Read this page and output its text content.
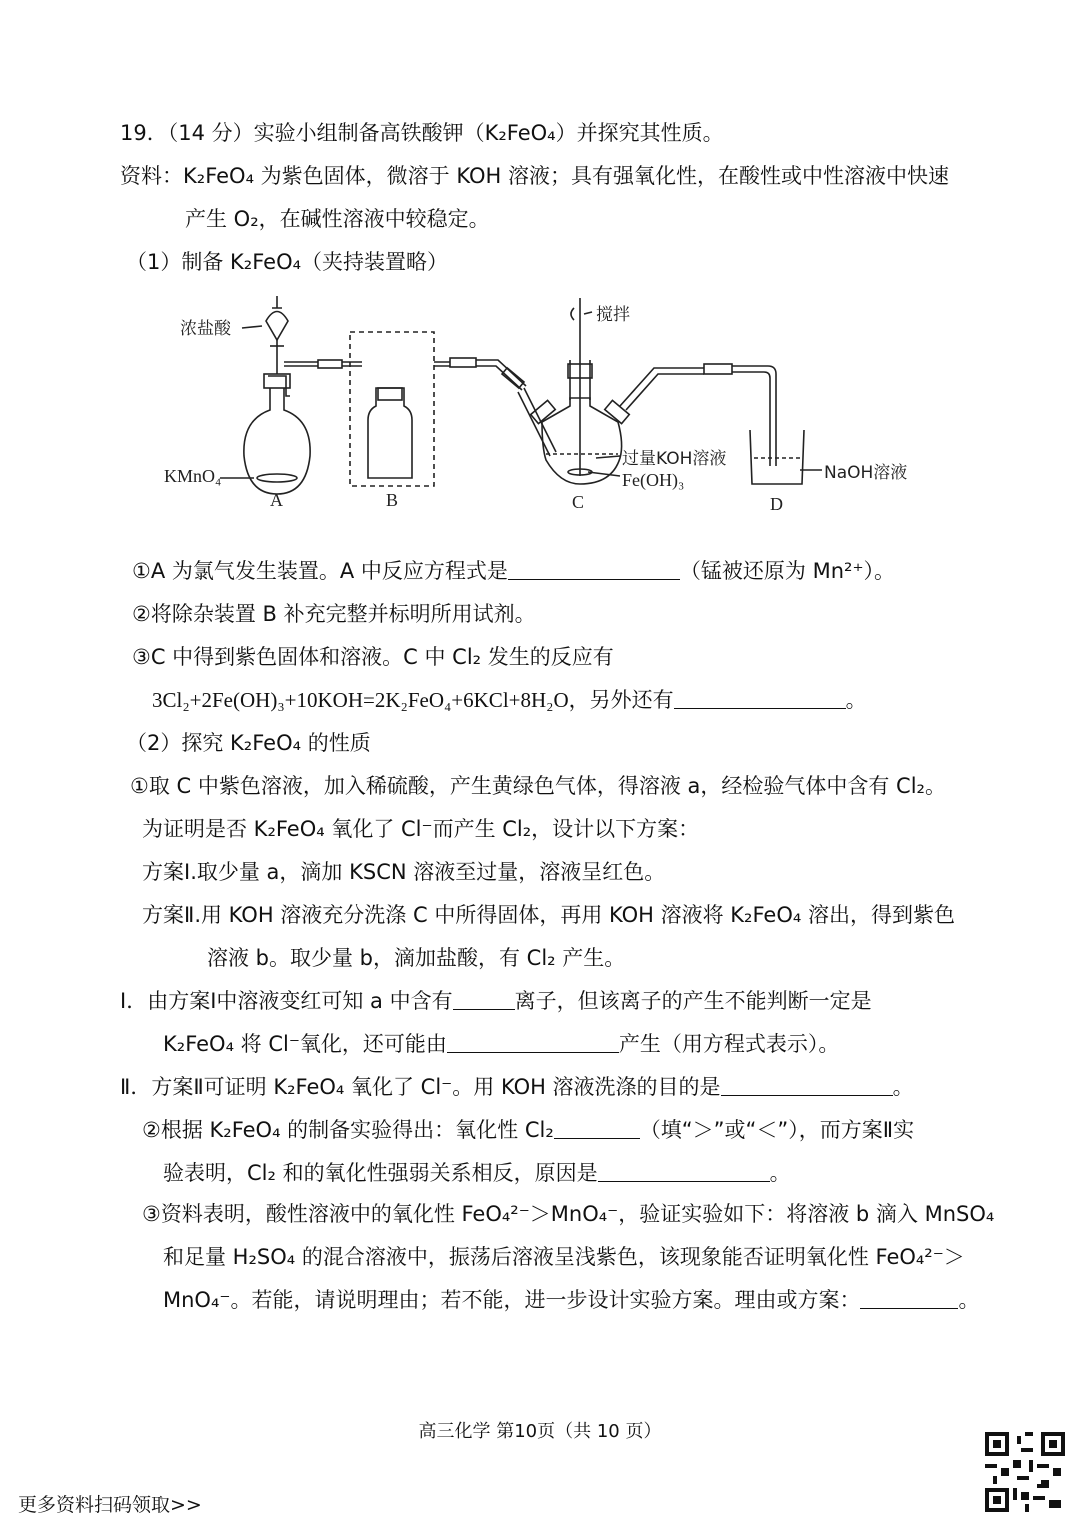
19．（14 分）实验小组制备高铁酸钾（K₂FeO₄）并探究其性质。
资料：K₂FeO₄ 为紫色固体，微溶于 KOH 溶液；具有强氧化性，在酸性或中性溶液中快速
产生 O₂，在碱性溶液中较稳定。
（1）制备 K₂FeO₄（夹持装置略）
浓盐酸
KMnO₄
搅拌
过量KOH溶液
Fe(OH)₃	NaOH溶液
A	B	C	D
①A 为氯气发生装置。A 中反应方程式是	（锰被还原为 Mn²⁺）。
②将除杂装置 B 补充完整并标明所用试剂。
③C 中得到紫色固体和溶液。C 中 Cl₂ 发生的反应有
3Cl₂+2Fe(OH)₃+10KOH=2K₂FeO₄+6KCl+8H₂O，另外还有	。
（2）探究 K₂FeO₄ 的性质
①取 C 中紫色溶液，加入稀硫酸，产生黄绿色气体，得溶液 a，经检验气体中含有 Cl₂。
为证明是否 K₂FeO₄ 氧化了 Cl⁻而产生 Cl₂，设计以下方案：
方案Ⅰ.取少量 a，滴加 KSCN 溶液至过量，溶液呈红色。
方案Ⅱ.用 KOH 溶液充分洗涤 C 中所得固体，再用 KOH 溶液将 K₂FeO₄ 溶出，得到紫色
溶液 b。取少量 b，滴加盐酸，有 Cl₂ 产生。
Ⅰ．由方案Ⅰ中溶液变红可知 a 中含有	离子，但该离子的产生不能判断一定是
K₂FeO₄ 将 Cl⁻氧化，还可能由	产生（用方程式表示）。
Ⅱ．方案Ⅱ可证明 K₂FeO₄ 氧化了 Cl⁻。用 KOH 溶液洗涤的目的是	。
②根据 K₂FeO₄ 的制备实验得出：氧化性 Cl₂	（填“＞”或“＜”），而方案Ⅱ实
验表明，Cl₂ 和的氧化性强弱关系相反，原因是	。
③资料表明，酸性溶液中的氧化性 FeO₄²⁻＞MnO₄⁻，验证实验如下：将溶液 b 滴入 MnSO₄
和足量 H₂SO₄ 的混合溶液中，振荡后溶液呈浅紫色，该现象能否证明氧化性 FeO₄²⁻＞
MnO₄⁻。若能，请说明理由；若不能，进一步设计实验方案。理由或方案：	。
高三化学 第10页（共 10 页）
更多资料扫码领取>>
